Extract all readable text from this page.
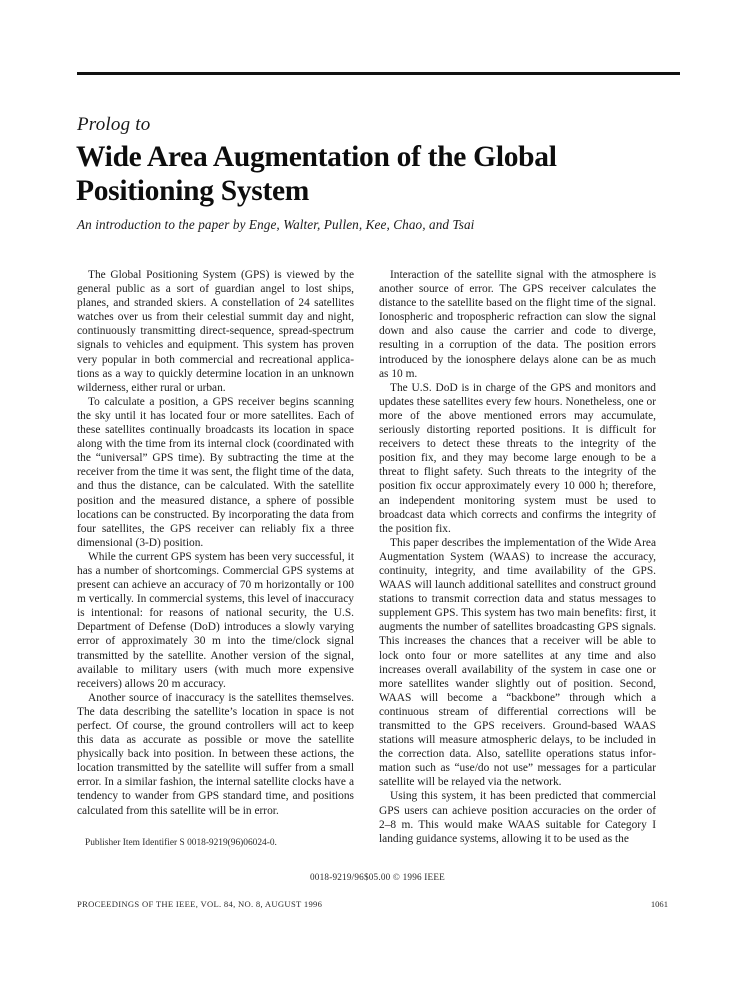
Prolog to
Wide Area Augmentation of the Global Positioning System
An introduction to the paper by Enge, Walter, Pullen, Kee, Chao, and Tsai

The Global Positioning System (GPS) is viewed by the general public as a sort of guardian angel to lost ships, planes, and stranded skiers. A constellation of 24 satellites watches over us from their celestial summit day and night, continuously transmitting direct-sequence, spread-spectrum signals to vehicles and equipment. This system has proven very popular in both commercial and recreational applications as a way to quickly determine location in an unknown wilderness, either rural or urban.

To calculate a position, a GPS receiver begins scanning the sky until it has located four or more satellites. Each of these satellites continually broadcasts its location in space along with the time from its internal clock (coordinated with the “universal” GPS time). By subtracting the time at the receiver from the time it was sent, the flight time of the data, and thus the distance, can be calculated. With the satellite position and the measured distance, a sphere of possible locations can be constructed. By incorporating the data from four satellites, the GPS receiver can reliably fix a three dimensional (3-D) position.

While the current GPS system has been very successful, it has a number of shortcomings. Commercial GPS systems at present can achieve an accuracy of 70 m horizontally or 100 m vertically. In commercial systems, this level of inaccuracy is intentional: for reasons of national security, the U.S. Department of Defense (DoD) introduces a slowly varying error of approximately 30 m into the time/clock signal transmitted by the satellite. Another version of the signal, available to military users (with much more expensive receivers) allows 20 m accuracy.

Another source of inaccuracy is the satellites themselves. The data describing the satellite’s location in space is not perfect. Of course, the ground controllers will act to keep this data as accurate as possible or move the satellite physically back into position. In between these actions, the location transmitted by the satellite will suffer from a small error. In a similar fashion, the internal satellite clocks have a tendency to wander from GPS standard time, and positions calculated from this satellite will be in error.

Publisher Item Identifier S 0018-9219(96)06024-0.

Interaction of the satellite signal with the atmosphere is another source of error. The GPS receiver calculates the distance to the satellite based on the flight time of the signal. Ionospheric and tropospheric refraction can slow the signal down and also cause the carrier and code to diverge, resulting in a corruption of the data. The position errors introduced by the ionosphere delays alone can be as much as 10 m.

The U.S. DoD is in charge of the GPS and monitors and updates these satellites every few hours. Nonetheless, one or more of the above mentioned errors may accumulate, seriously distorting reported positions. It is difficult for receivers to detect these threats to the integrity of the position fix, and they may become large enough to be a threat to flight safety. Such threats to the integrity of the position fix occur approximately every 10 000 h; therefore, an independent monitoring system must be used to broadcast data which corrects and confirms the integrity of the position fix.

This paper describes the implementation of the Wide Area Augmentation System (WAAS) to increase the accuracy, continuity, integrity, and time availability of the GPS. WAAS will launch additional satellites and construct ground stations to transmit correction data and status messages to supplement GPS. This system has two main benefits: first, it augments the number of satellites broadcasting GPS signals. This increases the chances that a receiver will be able to lock onto four or more satellites at any time and also increases overall availability of the system in case one or more satellites wander slightly out of position. Second, WAAS will become a “backbone” through which a continuous stream of differential corrections will be transmitted to the GPS receivers. Ground-based WAAS stations will measure atmospheric delays, to be included in the correction data. Also, satellite operations status information such as “use/do not use” messages for a particular satellite will be relayed via the network.

Using this system, it has been predicted that commercial GPS users can achieve position accuracies on the order of 2–8 m. This would make WAAS suitable for Category I landing guidance systems, allowing it to be used as the

0018-9219/96$05.00 © 1996 IEEE
PROCEEDINGS OF THE IEEE, VOL. 84, NO. 8, AUGUST 1996	1061
